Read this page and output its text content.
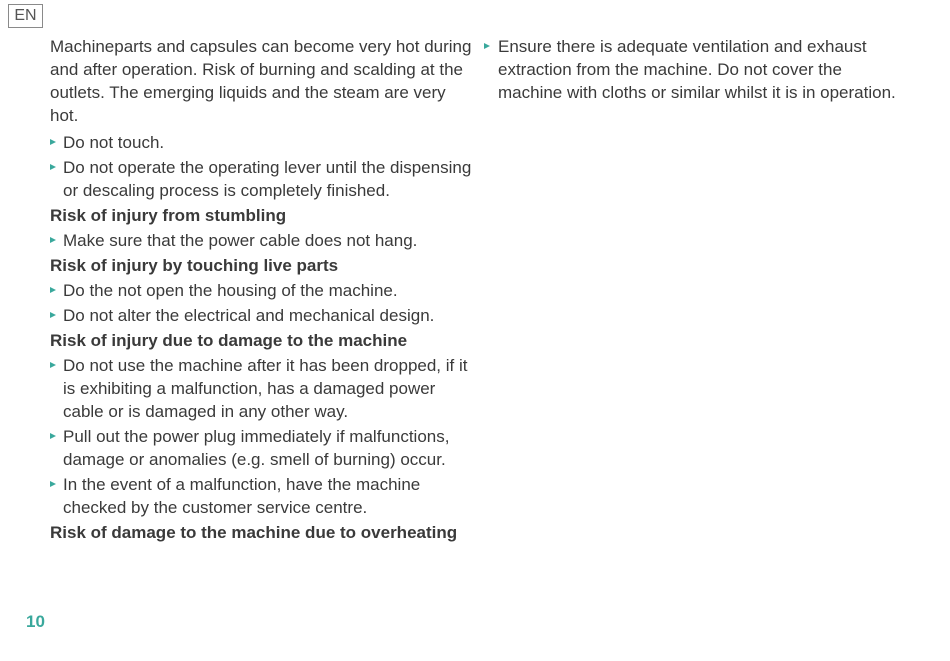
EN

Machineparts and capsules can become very hot during and after operation. Risk of burning and scalding at the outlets. The emerging liquids and the steam are very hot.

Do not touch.
Do not operate the operating lever until the dispensing or descaling process is completely finished.
Risk of injury from stumbling
Make sure that the power cable does not hang.
Risk of injury by touching live parts
Do the not open the housing of the machine.
Do not alter the electrical and mechanical design.
Risk of injury due to damage to the machine
Do not use the machine after it has been dropped, if it is exhibiting a malfunction, has a damaged power cable or is damaged in any other way.
Pull out the power plug immediately if malfunctions, damage or anomalies (e.g. smell of burning) occur.
In the event of a malfunction, have the machine checked by the customer service centre.
Risk of damage to the machine due to overheating
Ensure there is adequate ventilation and exhaust extraction from the machine. Do not cover the machine with cloths or similar whilst it is in operation.
10
